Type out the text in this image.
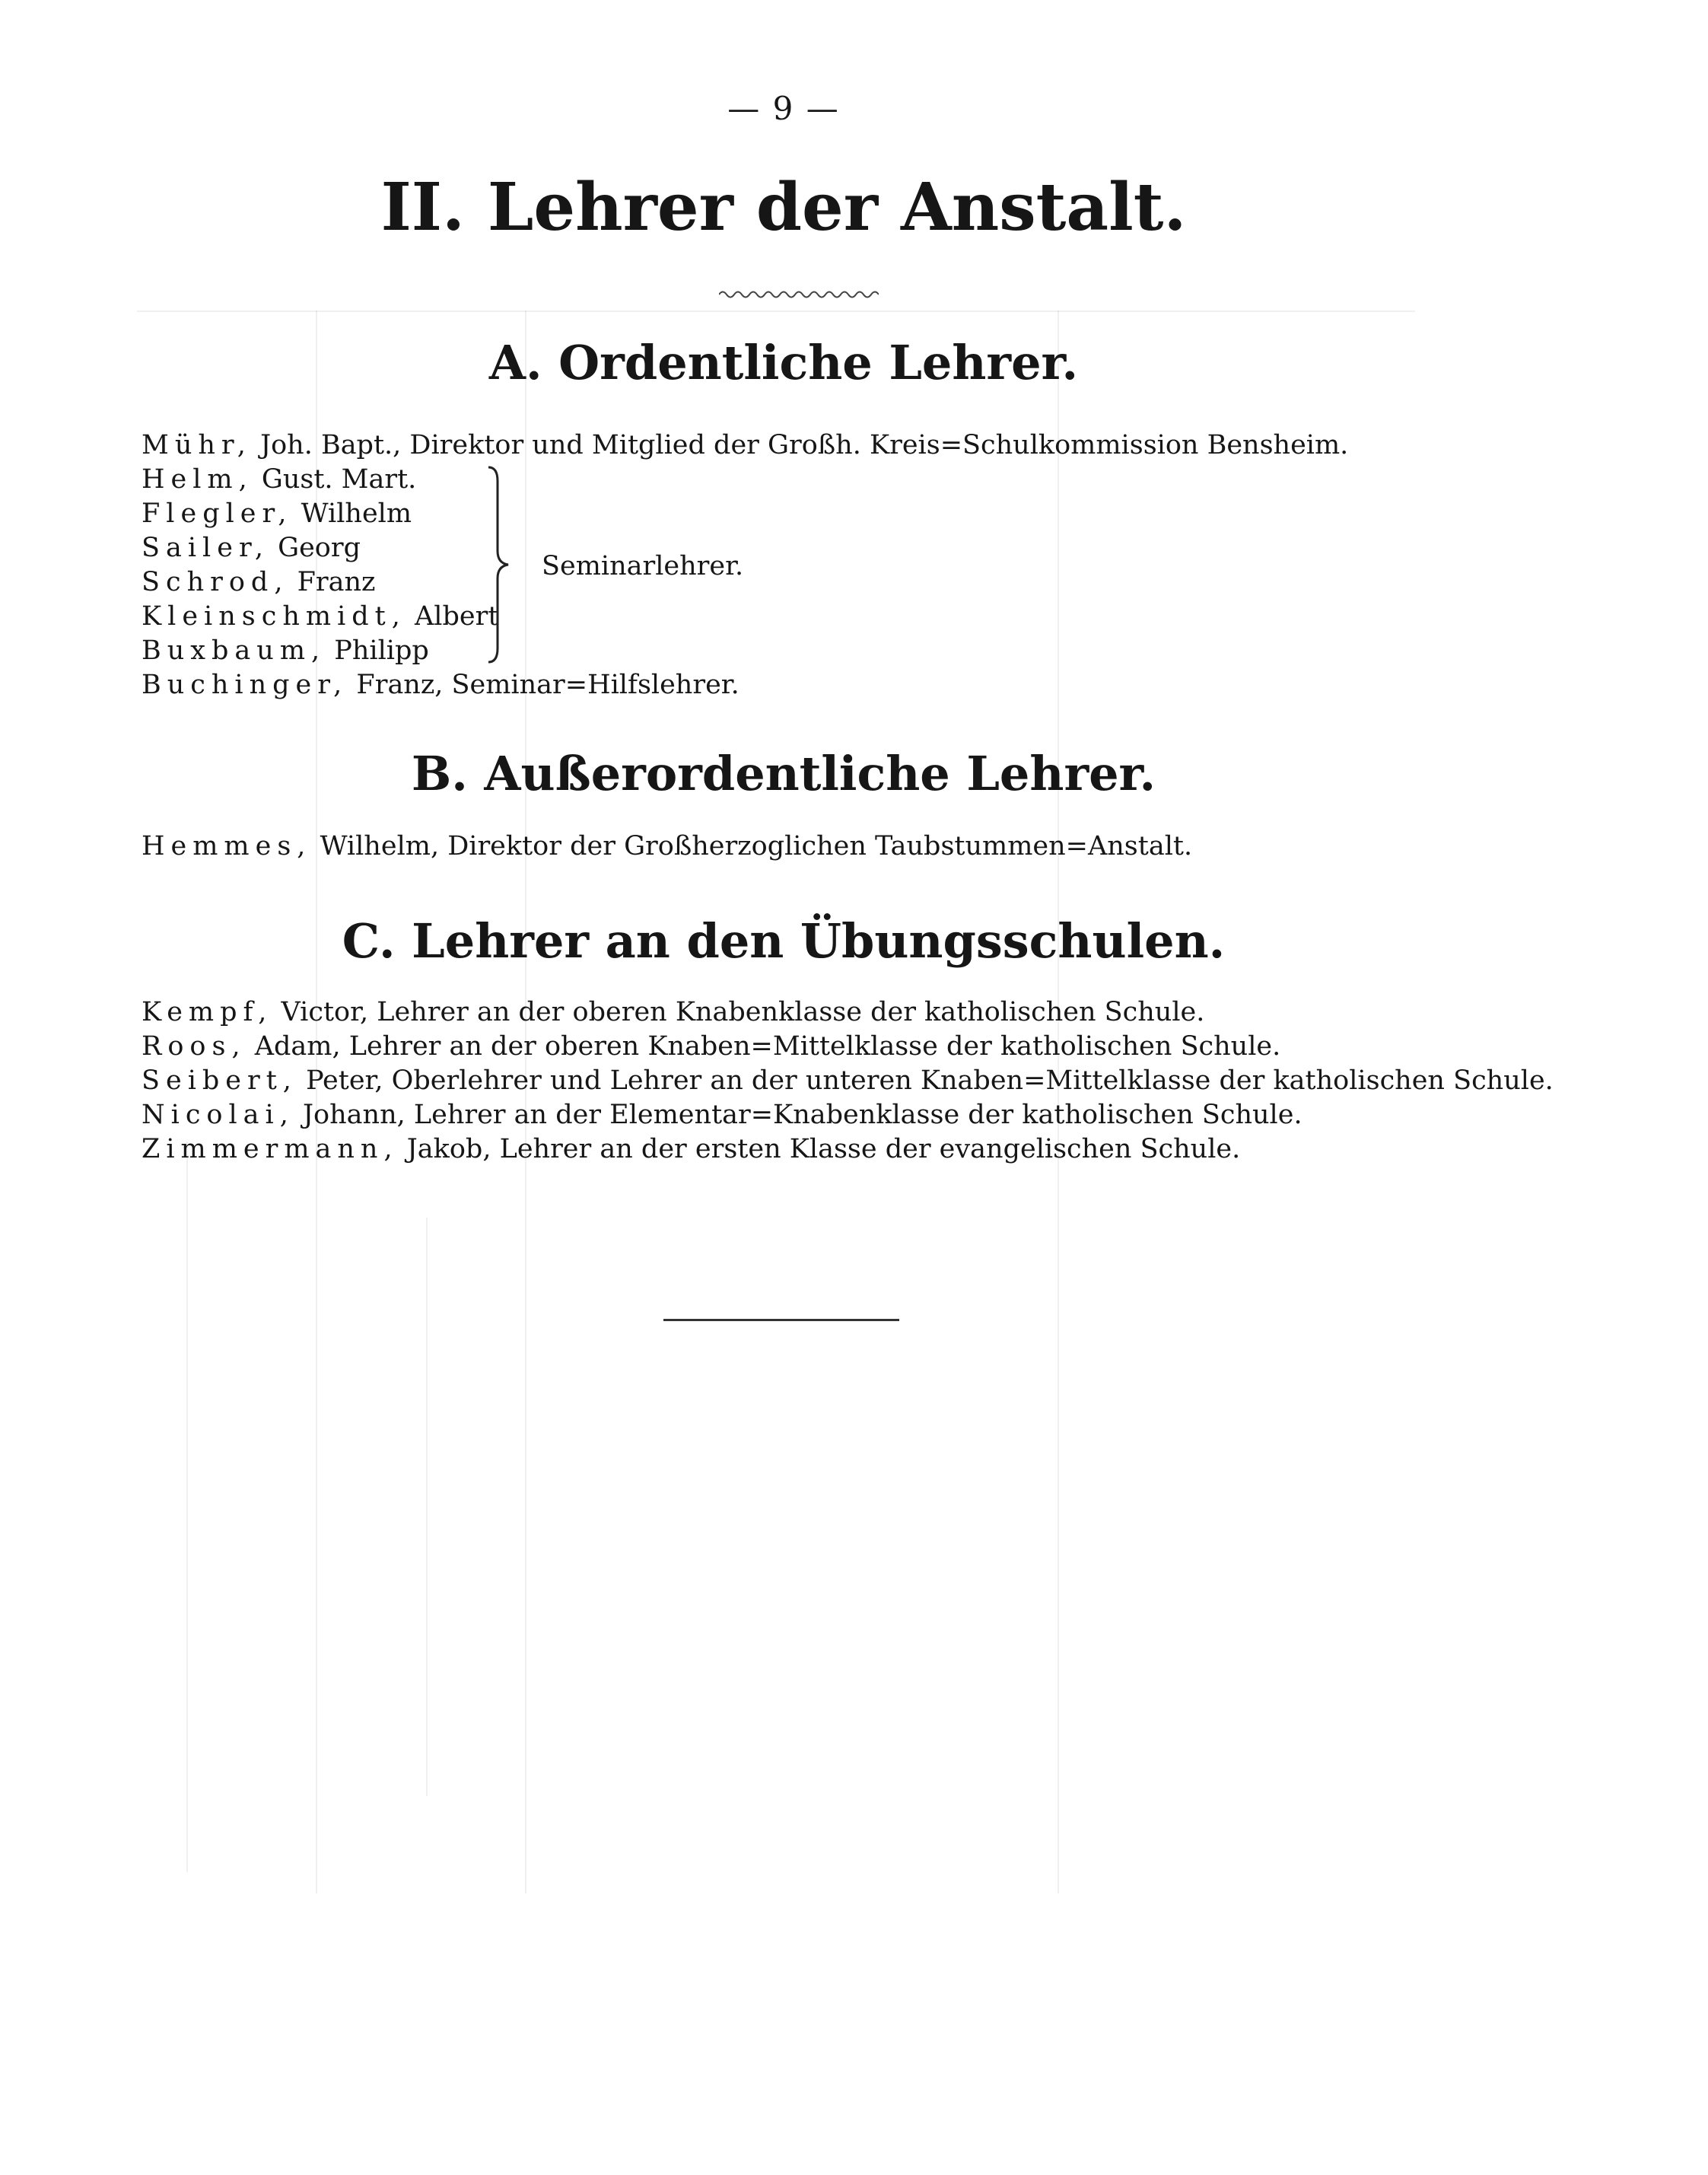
— 9 —
II. Lehrer der Anstalt.
A. Ordentliche Lehrer.
Mühr, Joh. Bapt., Direktor und Mitglied der Großh. Kreis=Schulkommission Bensheim.
Helm, Gust. Mart.
Flegler, Wilhelm
Sailer, Georg
Schrod, Franz
Kleinschmidt, Albert
Buxbaum, Philipp
Seminarlehrer.
Buchinger, Franz, Seminar=Hilfslehrer.
B. Außerordentliche Lehrer.
Hemmes, Wilhelm, Direktor der Großherzoglichen Taubstummen=Anstalt.
C. Lehrer an den Übungsschulen.
Kempf, Victor, Lehrer an der oberen Knabenklasse der katholischen Schule.
Roos, Adam, Lehrer an der oberen Knaben=Mittelklasse der katholischen Schule.
Seibert, Peter, Oberlehrer und Lehrer an der unteren Knaben=Mittelklasse der katholischen Schule.
Nicolai, Johann, Lehrer an der Elementar=Knabenklasse der katholischen Schule.
Zimmermann, Jakob, Lehrer an der ersten Klasse der evangelischen Schule.
